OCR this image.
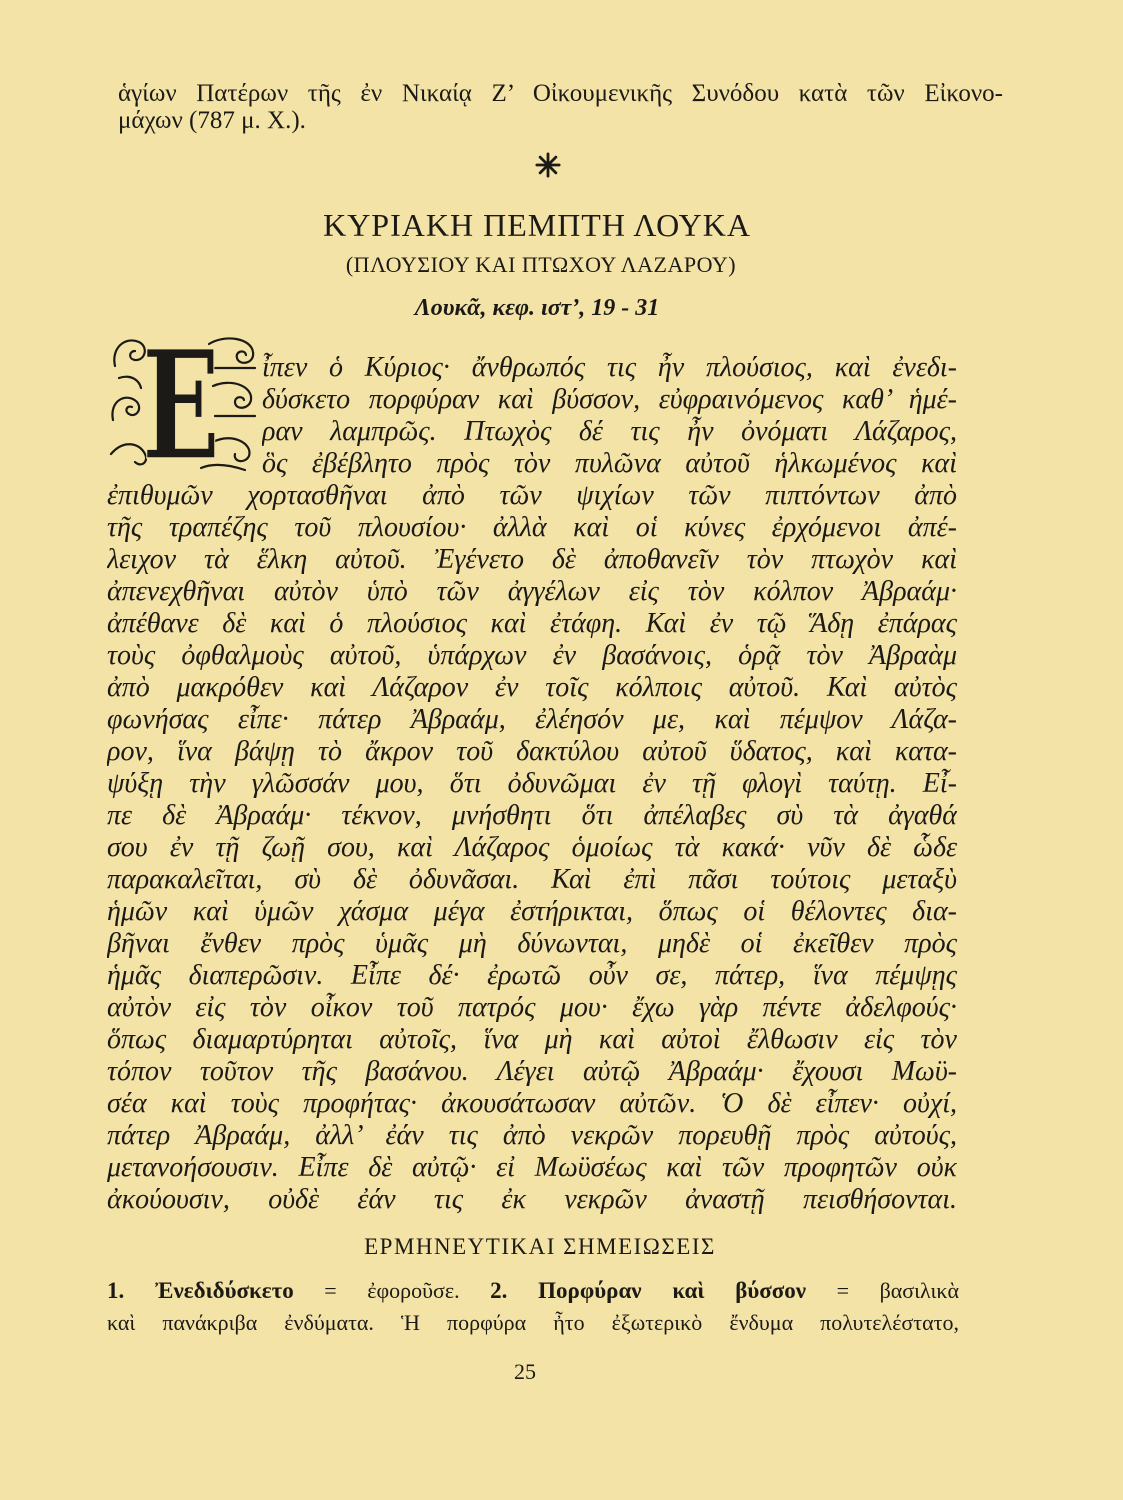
ἁγίων Πατέρων τῆς ἐν Νικαίᾳ Ζ’ Οἰκουμενικῆς Συνόδου κατὰ τῶν Εἰκονο-
μάχων (787 μ. Χ.).
ΚΥΡΙΑΚΗ ΠΕΜΠΤΗ ΛΟΥΚΑ
(ΠΛΟΥΣΙΟΥ ΚΑΙ ΠΤΩΧΟΥ ΛΑΖΑΡΟΥ)
Λουκᾶ, κεφ. ιστ’, 19 - 31
Ε ἶπεν ὁ Κύριος· ἄνθρωπός τις ἦν πλούσιος, καὶ ἐνεδι-
δύσκετο πορφύραν καὶ βύσσον, εὐφραινόμενος καθ’ ἡμέ-
ραν λαμπρῶς. Πτωχὸς δέ τις ἦν ὀνόματι Λάζαρος,
ὃς ἐβέβλητο πρὸς τὸν πυλῶνα αὐτοῦ ἡλκωμένος καὶ
ἐπιθυμῶν χορτασθῆναι ἀπὸ τῶν ψιχίων τῶν πιπτόντων ἀπὸ
τῆς τραπέζης τοῦ πλουσίου· ἀλλὰ καὶ οἱ κύνες ἐρχόμενοι ἀπέ-
λειχον τὰ ἕλκη αὐτοῦ. Ἐγένετο δὲ ἀποθανεῖν τὸν πτωχὸν καὶ
ἀπενεχθῆναι αὐτὸν ὑπὸ τῶν ἀγγέλων εἰς τὸν κόλπον Ἀβραάμ·
ἀπέθανε δὲ καὶ ὁ πλούσιος καὶ ἐτάφη. Καὶ ἐν τῷ Ἅδῃ ἐπάρας
τοὺς ὀφθαλμοὺς αὐτοῦ, ὑπάρχων ἐν βασάνοις, ὁρᾷ τὸν Ἀβραὰμ
ἀπὸ μακρόθεν καὶ Λάζαρον ἐν τοῖς κόλποις αὐτοῦ. Καὶ αὐτὸς
φωνήσας εἶπε· πάτερ Ἀβραάμ, ἐλέησόν με, καὶ πέμψον Λάζα-
ρον, ἵνα βάψῃ τὸ ἄκρον τοῦ δακτύλου αὐτοῦ ὕδατος, καὶ κατα-
ψύξῃ τὴν γλῶσσάν μου, ὅτι ὀδυνῶμαι ἐν τῇ φλογὶ ταύτῃ. Εἶ-
πε δὲ Ἀβραάμ· τέκνον, μνήσθητι ὅτι ἀπέλαβες σὺ τὰ ἀγαθά
σου ἐν τῇ ζωῇ σου, καὶ Λάζαρος ὁμοίως τὰ κακά· νῦν δὲ ὧδε
παρακαλεῖται, σὺ δὲ ὀδυνᾶσαι. Καὶ ἐπὶ πᾶσι τούτοις μεταξὺ
ἡμῶν καὶ ὑμῶν χάσμα μέγα ἐστήρικται, ὅπως οἱ θέλοντες δια-
βῆναι ἔνθεν πρὸς ὑμᾶς μὴ δύνωνται, μηδὲ οἱ ἐκεῖθεν πρὸς
ἡμᾶς διαπερῶσιν. Εἶπε δέ· ἐρωτῶ οὖν σε, πάτερ, ἵνα πέμψῃς
αὐτὸν εἰς τὸν οἶκον τοῦ πατρός μου· ἔχω γὰρ πέντε ἀδελφούς·
ὅπως διαμαρτύρηται αὐτοῖς, ἵνα μὴ καὶ αὐτοὶ ἔλθωσιν εἰς τὸν
τόπον τοῦτον τῆς βασάνου. Λέγει αὐτῷ Ἀβραάμ· ἔχουσι Μωϋ-
σέα καὶ τοὺς προφήτας· ἀκουσάτωσαν αὐτῶν. Ὁ δὲ εἶπεν· οὐχί,
πάτερ Ἀβραάμ, ἀλλ’ ἐάν τις ἀπὸ νεκρῶν πορευθῇ πρὸς αὐτούς,
μετανοήσουσιν. Εἶπε δὲ αὐτῷ· εἰ Μωϋσέως καὶ τῶν προφητῶν οὐκ
ἀκούουσιν, οὐδὲ ἐάν τις ἐκ νεκρῶν ἀναστῇ πεισθήσονται.
ΕΡΜΗΝΕΥΤΙΚΑΙ ΣΗΜΕΙΩΣΕΙΣ
1. Ἐνεδιδύσκετο = ἐφοροῦσε. 2. Πορφύραν καὶ βύσσον = βασιλικὰ
καὶ πανάκριβα ἐνδύματα. Ἡ πορφύρα ἦτο ἐξωτερικὸ ἔνδυμα πολυτελέστατο,
25
